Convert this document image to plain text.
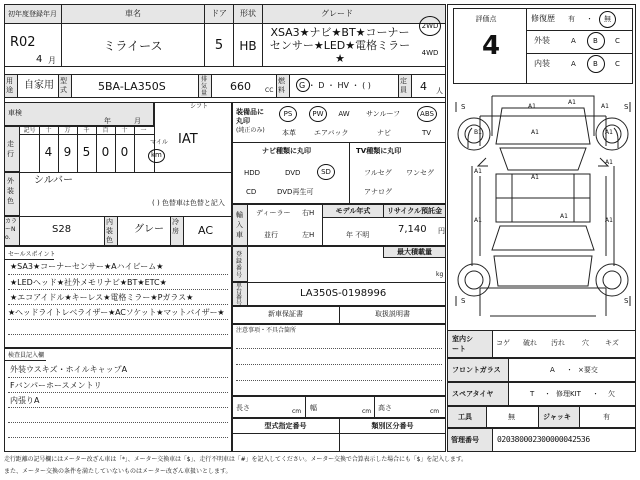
初年度登録年月
R02
4 月
車名
ミライース
ドア
5
形状
HB
グレード
XSA3★ナビ★BT★コーナーセンサー★LED★電格ミラー★
2WD
4WD
用途 自家用 型式	5BA-LA350S
排気量
660 CC
燃料 G ・ D ・ HV ・ ( )	定員 4 人
評価点
4
修復歴 有 ・ 無
外装	A B C
内装	A B C
車検
年	月
シフト
IAT
走行
記号	十
4
万
9
千
5
百
0
十
0
一
マイル
km
外装色
シルバー
( ) 色替車は色替と記入
カラーNo.
S28
内装色
グレー
冷房 AC
装備品に丸印
(純正のみ)
PS	PW	AW	サンルーフ	ABS
本革	エアバック	ナビ	TV
ナビ種類に丸印	TV種類に丸印
HDD	DVD	SD
CD	DVD再生可
フルセグ ワンセグ
アナログ
輸入車
ディーラー
並行
右H
左H
モデル年式
年 不明
リサイクル預託金
7,140 円
登録番号
最大積載量
kg
車台番号
LA350S-0198996
新車保証書	取扱説明書
注意事項・不具合箇所
長さ	cm 幅	cm 高さ	cm
型式指定番号	類別区分番号
セールスポイント
★SA3★コーナーセンサー★Aハイビーム★
★LEDヘッド★社外メモリナビ★BT★ETC★
★エコアイドル★キーレス★電格ミラー★Pガラス★
★ヘッドライトレベライザー★ACソケット★マットバイザー★
検査員記入欄
外装ウスキズ・ホイルキャップA
Fバンパーホースメントリ
内張りA
A1	A1
A1
B1	A1	A1
A1
A1
A1
A1
A1
A1
S	S
S	S
室内シート
コゲ 破れ 汚れ 穴 キズ
フロントガラス	A ・ ×要交
スペアタイヤ	T ・ 修理KIT ・ 欠
工具	無	ジャッキ	有
管理番号 020380002300000042536
走行距離の記号欄にはメーター改ざん車は「*」、メーター交換車は「$」、走行不明車は「#」を記入してください。メーター交換で合算表示した場合にも「$」を記入します。
また、メーター交換の条件を満たしていないものはメーター改ざん車扱いとします。
